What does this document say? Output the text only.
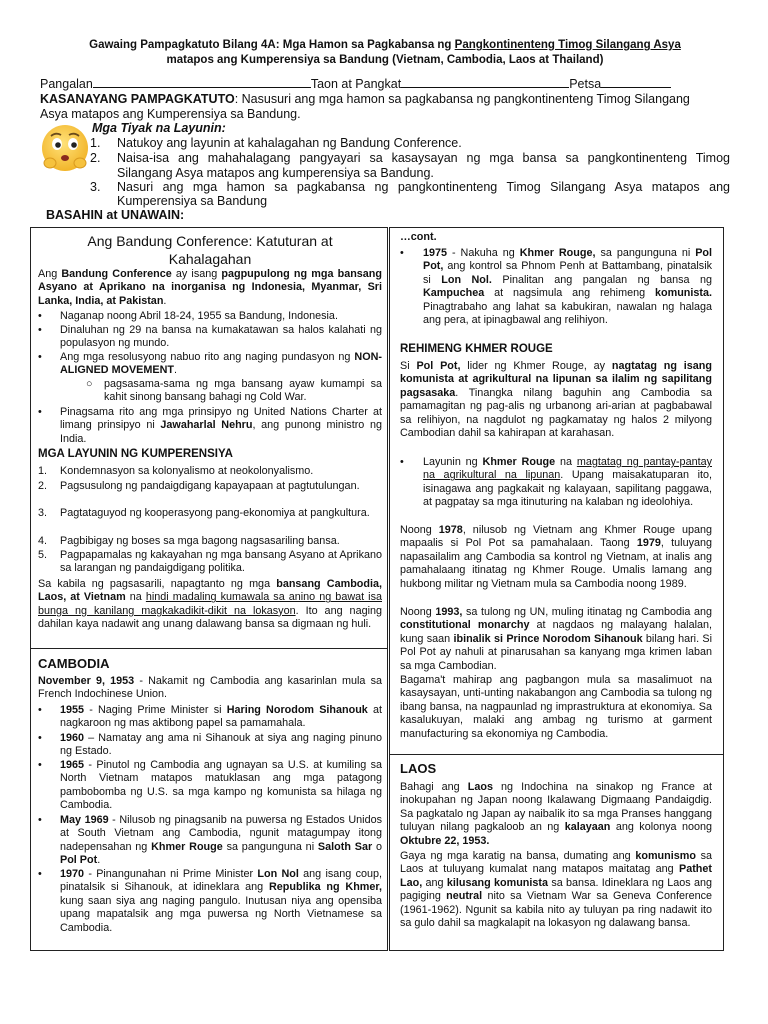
Gawaing Pampagkatuto Bilang 4A: Mga Hamon sa Pagkabansa ng Pangkontinenteng Timog Silangang Asya
matapos ang Kumperensiya sa Bandung (Vietnam, Cambodia, Laos at Thailand)
Pangalan	Taon at Pangkat	Petsa
KASANAYANG PAMPAGKATUTO: Nasusuri ang mga hamon sa pagkabansa ng pangkontinenteng Timog Silangang
Asya matapos ang Kumperensiya sa Bandung.
Mga Tiyak na Layunin:
1. Natukoy ang layunin at kahalagahan ng Bandung Conference.
2. Naisa-isa ang mahahalagang pangyayari sa kasaysayan ng mga bansa sa pangkontinenteng Timog
Silangang Asya matapos ang kumperensiya sa Bandung.
3. Nasuri ang mga hamon sa pagkabansa ng pangkontinenteng Timog Silangang Asya matapos ang
Kumperensiya sa Bandung
BASAHIN at UNAWAIN:
Ang Bandung Conference: Katuturan at
Kahalagahan
Ang Bandung Conference ay isang pagpupulong ng mga bansang Asyano at Aprikano na inorganisa ng Indonesia, Myanmar, Sri Lanka, India, at Pakistan.
• Naganap noong Abril 18-24, 1955 sa Bandung, Indonesia.
• Dinaluhan ng 29 na bansa na kumakatawan sa halos kalahati ng populasyon ng mundo.
• Ang mga resolusyong nabuo rito ang naging pundasyon ng NON-ALIGNED MOVEMENT.
○ pagsasama-sama ng mga bansang ayaw kumampi sa kahit sinong bansang bahagi ng Cold War.
• Pinagsama rito ang mga prinsipyo ng United Nations Charter at limang prinsipyo ni Jawaharlal Nehru, ang punong ministro ng India.
MGA LAYUNIN NG KUMPERENSIYA
1. Kondemnasyon sa kolonyalismo at neokolonyalismo.
2. Pagsusulong ng pandaigdigang kapayapaan at pagtutulungan.
3. Pagtataguyod ng kooperasyong pang-ekonomiya at pangkultura.
4. Pagbibigay ng boses sa mga bagong nagsasariling bansa.
5. Pagpapamalas ng kakayahan ng mga bansang Asyano at Aprikano sa larangan ng pandaigdigang politika.
Sa kabila ng pagsasarili, napagtanto ng mga bansang Cambodia, Laos, at Vietnam na hindi madaling kumawala sa anino ng bawat isa bunga ng kanilang magkakadikit-dikit na lokasyon. Ito ang naging dahilan kaya nadawit ang unang dalawang bansa sa digmaan ng huli.
CAMBODIA
November 9, 1953 - Nakamit ng Cambodia ang kasarinlan mula sa French Indochinese Union.
• 1955 - Naging Prime Minister si Haring Norodom Sihanouk at nagkaroon ng mas aktibong papel sa pamamahala.
• 1960 – Namatay ang ama ni Sihanouk at siya ang naging pinuno ng Estado.
• 1965 - Pinutol ng Cambodia ang ugnayan sa U.S. at kumiling sa North Vietnam matapos matuklasan ang mga patagong pambobomba ng U.S. sa mga kampo ng komunista sa hilaga ng Cambodia.
• May 1969 - Nilusob ng pinagsanib na puwersa ng Estados Unidos at South Vietnam ang Cambodia, ngunit matagumpay itong nadepensahan ng Khmer Rouge sa pangunguna ni Saloth Sar o Pol Pot.
• 1970 - Pinangunahan ni Prime Minister Lon Nol ang isang coup, pinatalsik si Sihanouk, at idineklara ang Republika ng Khmer, kung saan siya ang naging pangulo. Inutusan niya ang opensiba upang mapatalsik ang mga puwersa ng North Vietnamese sa Cambodia.
…cont.
• 1975 - Nakuha ng Khmer Rouge, sa pangunguna ni Pol Pot, ang kontrol sa Phnom Penh at Battambang, pinatalsik si Lon Nol. Pinalitan ang pangalan ng bansa ng Kampuchea at nagsimula ang rehimeng komunista. Pinagtrabaho ang lahat sa kabukiran, nawalan ng halaga ang pera, at ipinagbawal ang relihiyon.
REHIMENG KHMER ROUGE
Si Pol Pot, lider ng Khmer Rouge, ay nagtatag ng isang komunista at agrikultural na lipunan sa ilalim ng sapilitang pagsasaka. Tinangka nilang baguhin ang Cambodia sa pamamagitan ng pag-alis ng urbanong ari-arian at pagbabawal sa relihiyon, na nagdulot ng pagkamatay ng halos 2 milyong Cambodian dahil sa kahirapan at karahasan.
• Layunin ng Khmer Rouge na magtatag ng pantay-pantay na agrikultural na lipunan. Upang maisakatuparan ito, isinagawa ang pagkakait ng kalayaan, sapilitang paggawa, at pagpatay sa mga itinuturing na kalaban ng ideolohiya.
Noong 1978, nilusob ng Vietnam ang Khmer Rouge upang mapaalis si Pol Pot sa pamahalaan. Taong 1979, tuluyang napasailalim ang Cambodia sa kontrol ng Vietnam, at inalis ang pamahalaang itinatag ng Khmer Rouge. Umalis lamang ang hukbong militar ng Vietnam mula sa Cambodia noong 1989.
Noong 1993, sa tulong ng UN, muling itinatag ng Cambodia ang constitutional monarchy at nagdaos ng malayang halalan, kung saan ibinalik si Prince Norodom Sihanouk bilang hari. Si Pol Pot ay nahuli at pinarusahan sa kanyang mga krimen laban sa mga Cambodian.
Bagama't mahirap ang pagbangon mula sa masalimuot na kasaysayan, unti-unting nakabangon ang Cambodia sa tulong ng ibang bansa, na nagpaunlad ng imprastruktura at ekonomiya. Sa kasalukuyan, malaki ang ambag ng turismo at garment manufacturing sa ekonomiya ng Cambodia.
LAOS
Bahagi ang Laos ng Indochina na sinakop ng France at inokupahan ng Japan noong Ikalawang Digmaang Pandaigdig. Sa pagkatalo ng Japan ay naibalik ito sa mga Pranses hanggang tuluyan nilang pagkaloob an ng kalayaan ang kolonya noong Oktubre 22, 1953.
Gaya ng mga karatig na bansa, dumating ang komunismo sa Laos at tuluyang kumalat nang matapos maitatag ang Pathet Lao, ang kilusang komunista sa bansa. Idineklara ng Laos ang pagiging neutral nito sa Vietnam War sa Geneva Conference (1961-1962). Ngunit sa kabila nito ay tuluyan pa ring nadawit ito sa gulo dahil sa magkalapit na lokasyon ng dalawang bansa.
